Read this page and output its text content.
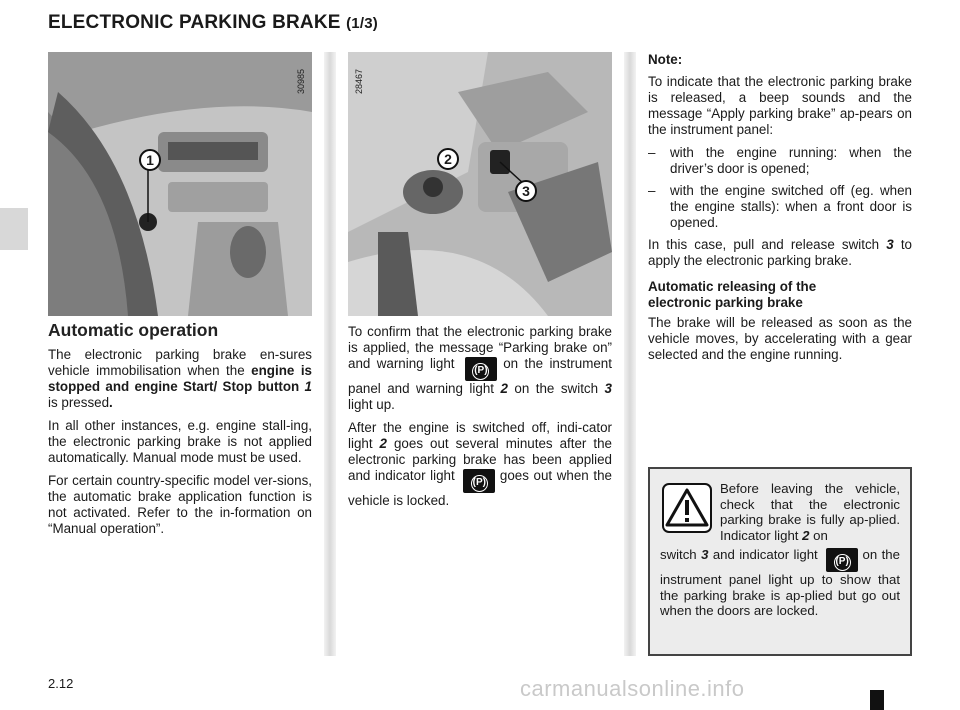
ELECTRONIC PARKING BRAKE (1/3)
30985
1
28467
2
3
Automatic operation

The electronic parking brake en-sures vehicle immobilisation when the engine is stopped and engine Start/ Stop button 1 is pressed.

In all other instances, e.g. engine stall-ing, the electronic parking brake is not applied automatically. Manual mode must be used.

For certain country-specific model ver-sions, the automatic brake application function is not activated. Refer to the in-formation on “Manual operation”.

To confirm that the electronic parking brake is applied, the message “Parking brake on” and warning light (P) on the instrument panel and warning light 2 on the switch 3 light up.

After the engine is switched off, indi-cator light 2 goes out several minutes after the electronic parking brake has been applied and indicator light (P) goes out when the vehicle is locked.

Note:

To indicate that the electronic parking brake is released, a beep sounds and the message “Apply parking brake” ap-pears on the instrument panel:

–	with the engine running: when the driver’s door is opened;

–	with the engine switched off (eg. when the engine stalls): when a front door is opened.

In this case, pull and release switch 3 to apply the electronic parking brake.

Automatic releasing of the
electronic parking brake

The brake will be released as soon as the vehicle moves, by accelerating with a gear selected and the engine running.

Before leaving the vehicle, check that the electronic parking brake is fully ap-plied. Indicator light 2 on

switch 3 and indicator light (P) on the instrument panel light up to show that the parking brake is ap-plied but go out when the doors are locked.

2.12	carmanualsonline.info
